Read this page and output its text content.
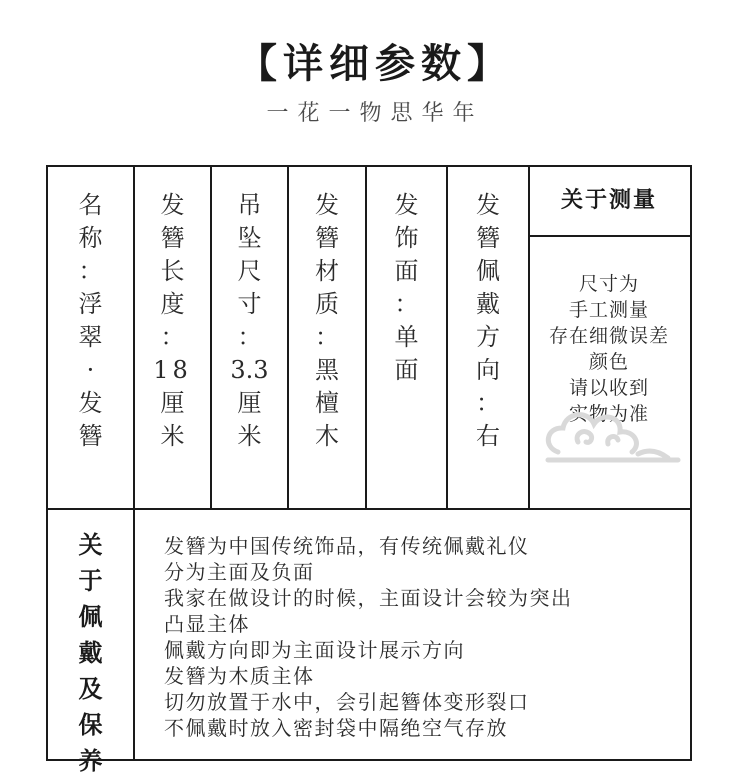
【详细参数】
一花一物思华年
名
称
：
浮
翠
·
发
簪
发
簪
长
度
：
18
厘
米
吊
坠
尺
寸
：
3.3
厘
米
发
簪
材
质
：
黑
檀
木
发
饰
面
：
单
面
发
簪
佩
戴
方
向
：
右
关于测量
尺寸为
手工测量
存在细微误差
颜色
请以收到
实物为准
关
于
佩
戴
及
保
养
发簪为中国传统饰品，有传统佩戴礼仪
分为主面及负面
我家在做设计的时候，主面设计会较为突出
凸显主体
佩戴方向即为主面设计展示方向
发簪为木质主体
切勿放置于水中，会引起簪体变形裂口
不佩戴时放入密封袋中隔绝空气存放
